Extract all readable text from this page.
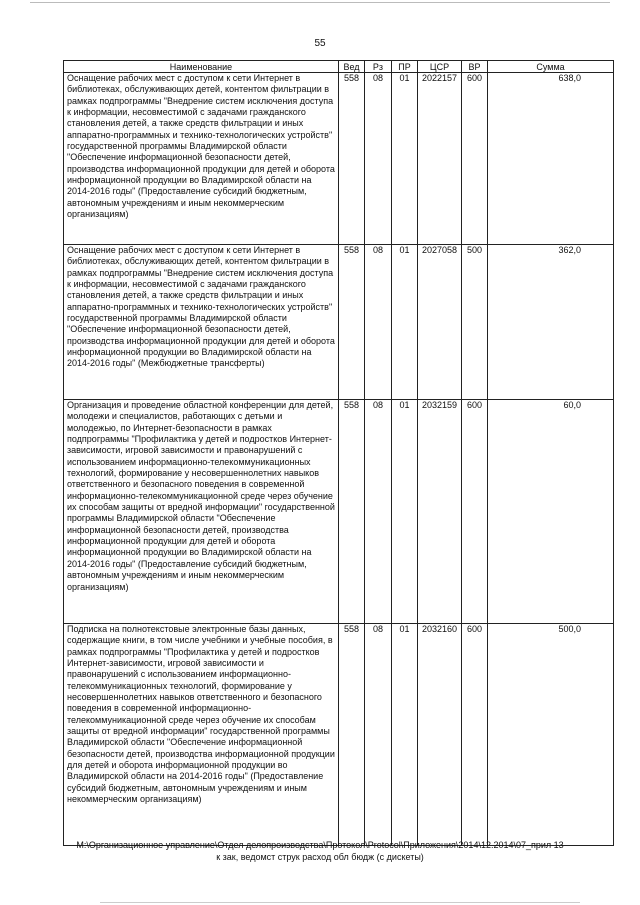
55
Наименование	Вед	Рз	ПР	ЦСР	ВР	Сумма
Оснащение рабочих мест с доступом к сети Интернет в библиотеках, обслуживающих детей, контентом фильтрации в рамках подпрограммы "Внедрение систем исключения доступа к информации, несовместимой с задачами гражданского становления детей, а также средств фильтрации и иных аппаратно-программных и технико-технологических устройств" государственной программы Владимирской области "Обеспечение информационной безопасности детей, производства информационной продукции для детей и оборота информационной продукции во Владимирской области на 2014-2016 годы" (Предоставление субсидий бюджетным, автономным учреждениям и иным некоммерческим организациям)	558	08	01	2022157	600	638,0
Оснащение рабочих мест с доступом к сети Интернет в библиотеках, обслуживающих детей, контентом фильтрации в рамках подпрограммы "Внедрение систем исключения доступа к информации, несовместимой с задачами гражданского становления детей, а также средств фильтрации и иных аппаратно-программных и технико-технологических устройств" государственной программы Владимирской области "Обеспечение информационной безопасности детей, производства информационной продукции для детей и оборота информационной продукции во Владимирской области на 2014-2016 годы" (Межбюджетные трансферты)	558	08	01	2027058	500	362,0
Организация и проведение областной конференции для детей, молодежи и специалистов, работающих с детьми и молодежью, по Интернет-безопасности в рамках подпрограммы "Профилактика у детей и подростков Интернет-зависимости, игровой зависимости и правонарушений с использованием информационно-телекоммуникационных технологий, формирование у несовершеннолетних навыков ответственного и безопасного поведения в современной информационно-телекоммуникационной среде через обучение их способам защиты от вредной информации" государственной программы Владимирской области "Обеспечение информационной безопасности детей, производства информационной продукции для детей и оборота информационной продукции во Владимирской области на 2014-2016 годы" (Предоставление субсидий бюджетным, автономным учреждениям и иным некоммерческим организациям)	558	08	01	2032159	600	60,0
Подписка на полнотекстовые электронные базы данных, содержащие книги, в том числе учебники и учебные пособия, в рамках подпрограммы "Профилактика у детей и подростков Интернет-зависимости, игровой зависимости и правонарушений с использованием информационно-телекоммуникационных технологий, формирование у несовершеннолетних навыков ответственного и безопасного поведения в современной информационно-телекоммуникационной среде через обучение их способам защиты от вредной информации" государственной программы Владимирской области "Обеспечение информационной безопасности детей, производства информационной продукции для детей и оборота информационной продукции во Владимирской области на 2014-2016 годы" (Предоставление субсидий бюджетным, автономным учреждениям и иным некоммерческим организациям)	558	08	01	2032160	600	500,0
M:\Организационное управление\Отдел делопроизводства\Протокол\Protocol\Приложения\2014\12.2014\07_прил 13
к зак, ведомст струк расход обл бюдж (с дискеты)
